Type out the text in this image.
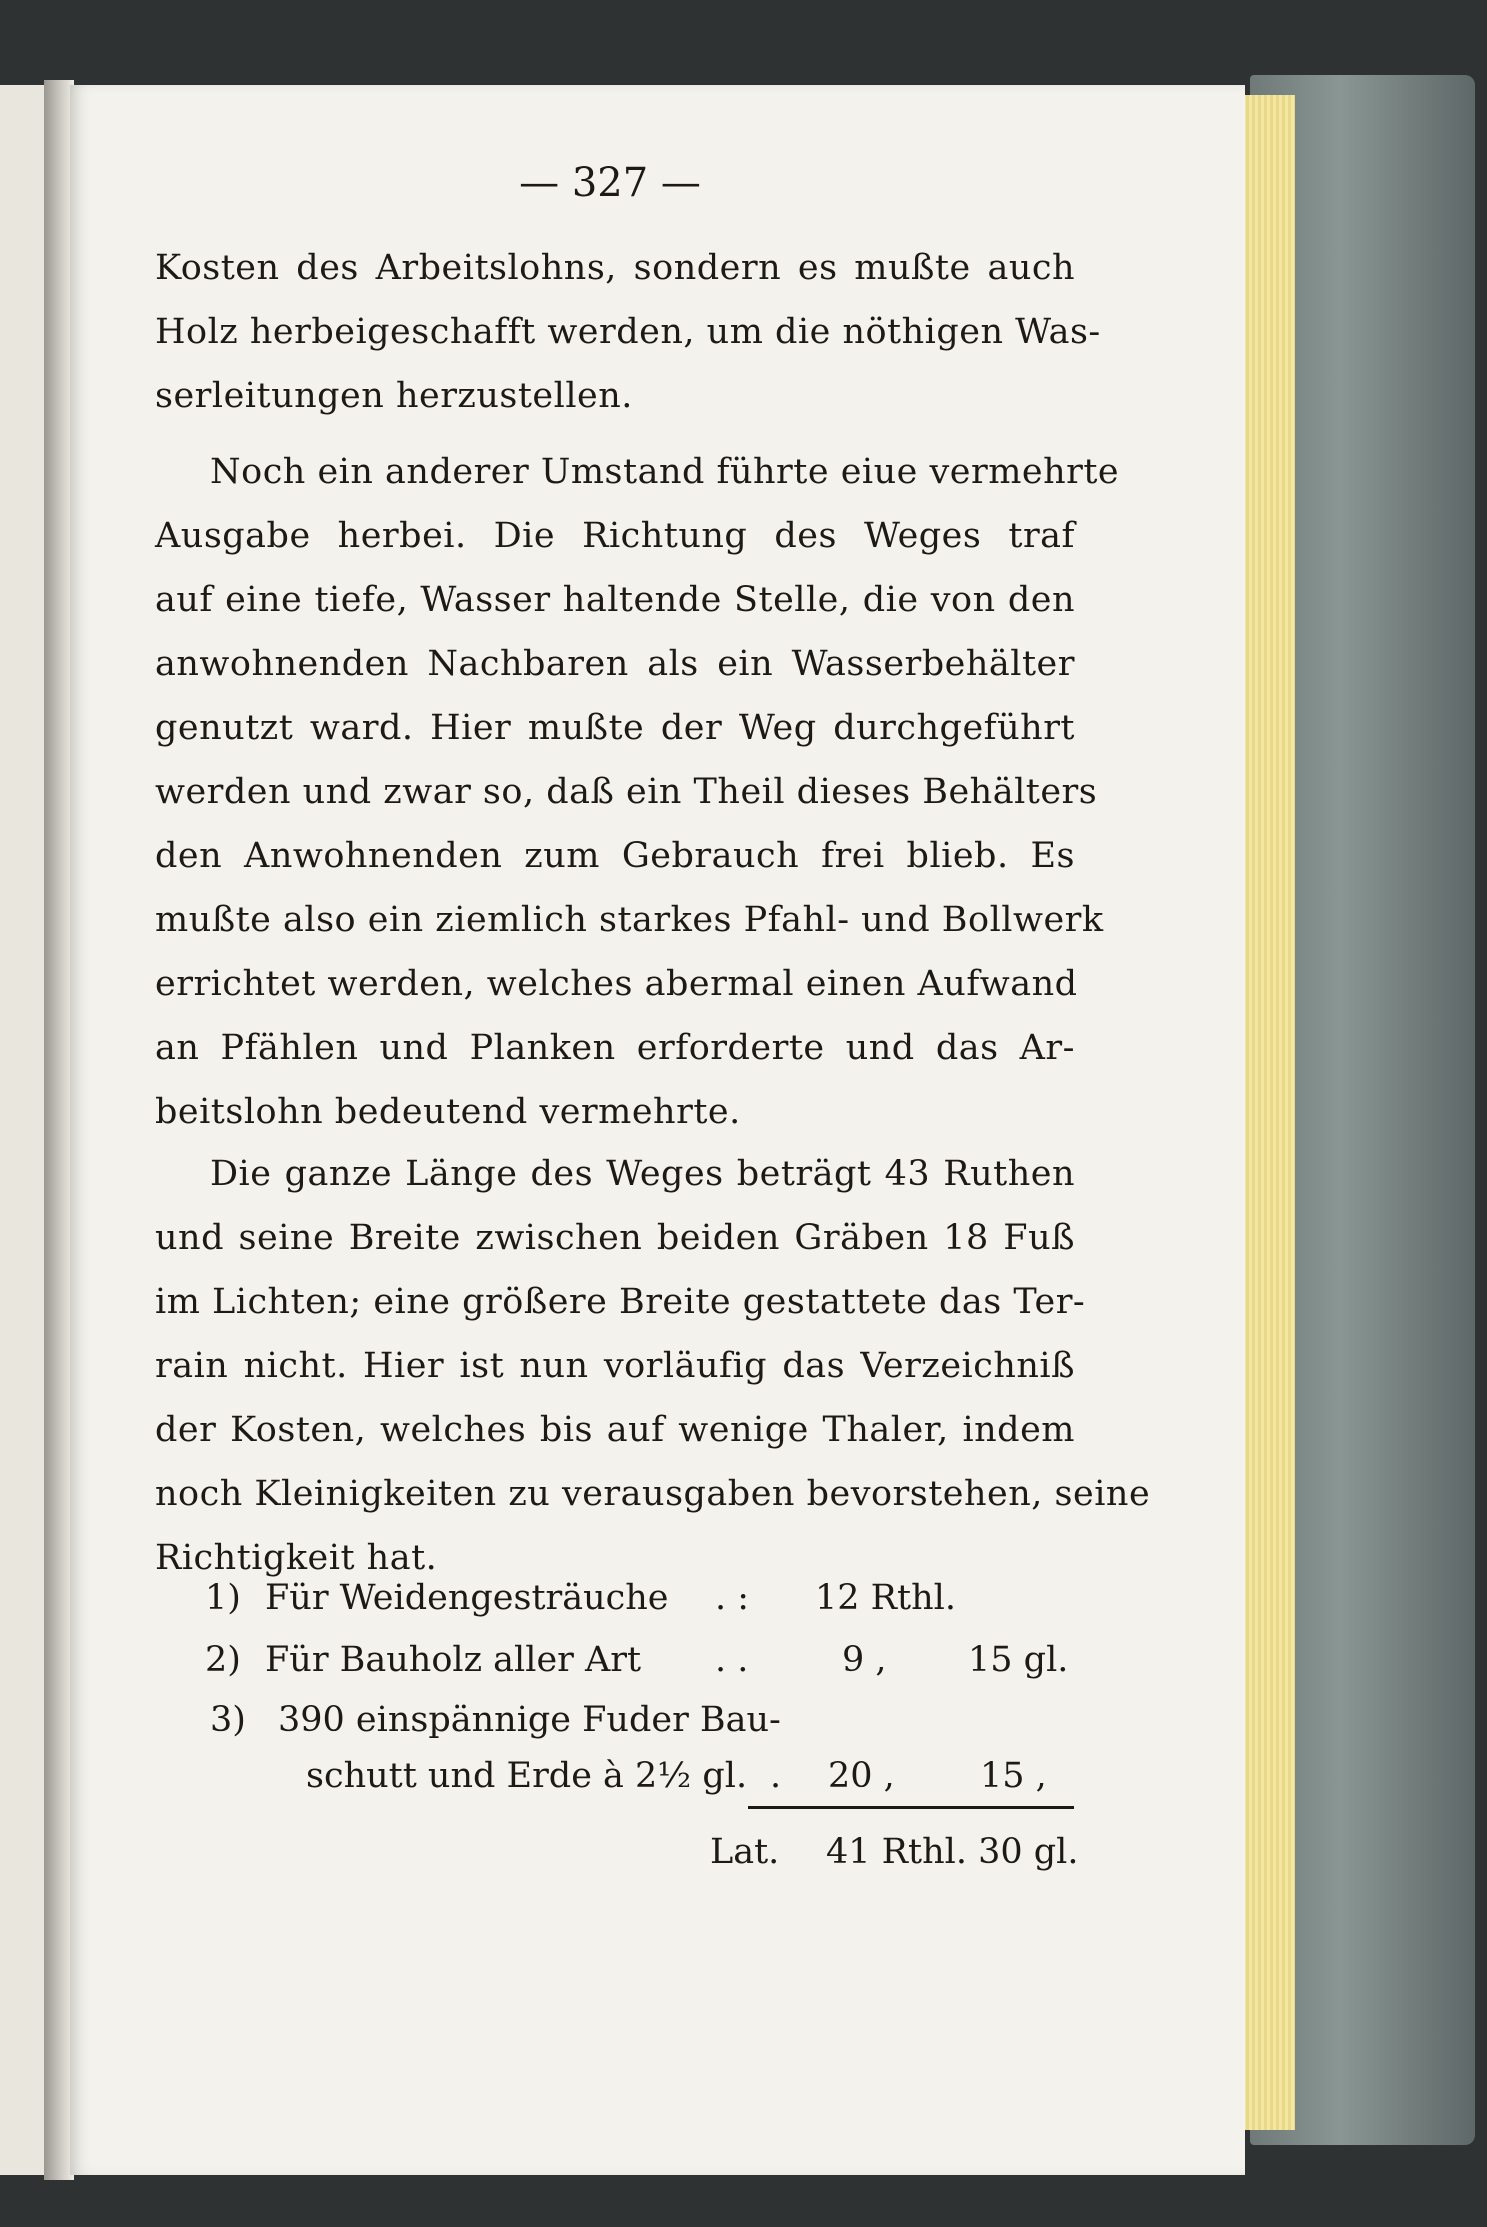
— 327 —
Kosten des Arbeitslohns, sondern es mußte auch
Holz herbeigeschafft werden, um die nöthigen Was-
serleitungen herzustellen.
Noch ein anderer Umstand führte eiue vermehrte
Ausgabe herbei. Die Richtung des Weges traf
auf eine tiefe, Wasser haltende Stelle, die von den
anwohnenden Nachbaren als ein Wasserbehälter
genutzt ward. Hier mußte der Weg durchgeführt
werden und zwar so, daß ein Theil dieses Behälters
den Anwohnenden zum Gebrauch frei blieb. Es
mußte also ein ziemlich starkes Pfahl- und Bollwerk
errichtet werden, welches abermal einen Aufwand
an Pfählen und Planken erforderte und das Ar-
beitslohn bedeutend vermehrte.
Die ganze Länge des Weges beträgt 43 Ruthen
und seine Breite zwischen beiden Gräben 18 Fuß
im Lichten; eine größere Breite gestattete das Ter-
rain nicht. Hier ist nun vorläufig das Verzeichniß
der Kosten, welches bis auf wenige Thaler, indem
noch Kleinigkeiten zu verausgaben bevorstehen, seine
Richtigkeit hat.
1) Für Weidengesträuche . : 12 Rthl.
2) Für Bauholz aller Art . .	9 , 15 gl.
3) 390 einspännige Fuder Bau-
schutt und Erde à 2½ gl. . 20 , 15 ,
Lat. 41 Rthl. 30 gl.
